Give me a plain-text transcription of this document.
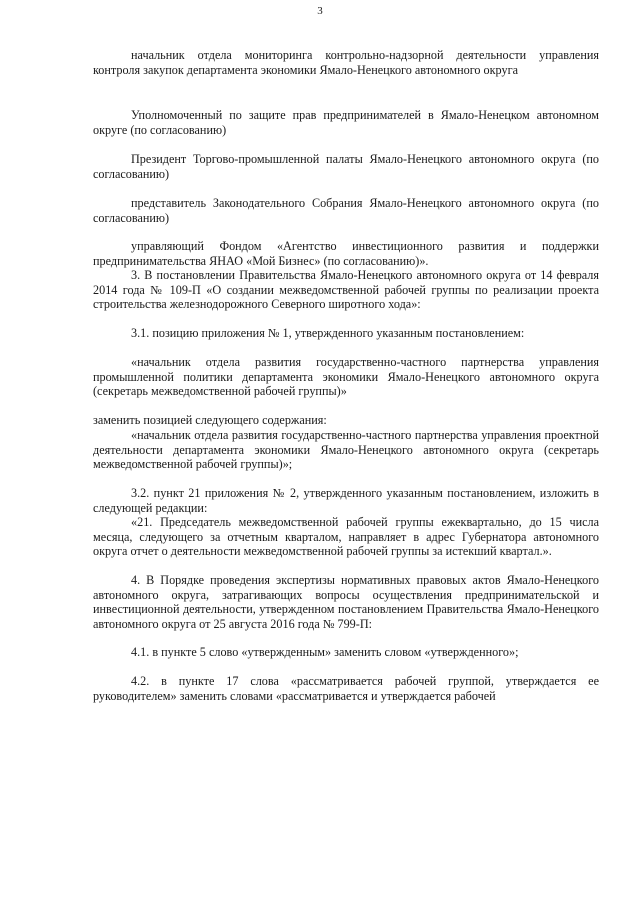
3

начальник отдела мониторинга контрольно-надзорной деятельности управления контроля закупок департамента экономики Ямало-Ненецкого автономного округа

Уполномоченный по защите прав предпринимателей в Ямало-Ненецком автономном округе (по согласованию)

Президент Торгово-промышленной палаты Ямало-Ненецкого автономного округа (по согласованию)

представитель Законодательного Собрания Ямало-Ненецкого автономного округа (по согласованию)

управляющий Фондом «Агентство инвестиционного развития и поддержки предпринимательства ЯНАО «Мой Бизнес» (по согласованию)».

3. В постановлении Правительства Ямало-Ненецкого автономного округа от 14 февраля 2014 года № 109-П «О создании межведомственной рабочей группы по реализации проекта строительства железнодорожного Северного широтного хода»:

3.1. позицию приложения № 1, утвержденного указанным постановлением:

«начальник отдела развития государственно-частного партнерства управления промышленной политики департамента экономики Ямало-Ненецкого автономного округа (секретарь межведомственной рабочей группы)»

заменить позицией следующего содержания:

«начальник отдела развития государственно-частного партнерства управления проектной деятельности департамента экономики Ямало-Ненецкого автономного округа (секретарь межведомственной рабочей группы)»;

3.2. пункт 21 приложения № 2, утвержденного указанным постановлением, изложить в следующей редакции:

«21. Председатель межведомственной рабочей группы ежеквартально, до 15 числа месяца, следующего за отчетным кварталом, направляет в адрес Губернатора автономного округа отчет о деятельности межведомственной рабочей группы за истекший квартал.».

4. В Порядке проведения экспертизы нормативных правовых актов Ямало-Ненецкого автономного округа, затрагивающих вопросы осуществления предпринимательской и инвестиционной деятельности, утвержденном постановлением Правительства Ямало-Ненецкого автономного округа от 25 августа 2016 года № 799-П:

4.1. в пункте 5 слово «утвержденным» заменить словом «утвержденного»;

4.2. в пункте 17 слова «рассматривается рабочей группой, утверждается ее руководителем» заменить словами «рассматривается и утверждается рабочей
